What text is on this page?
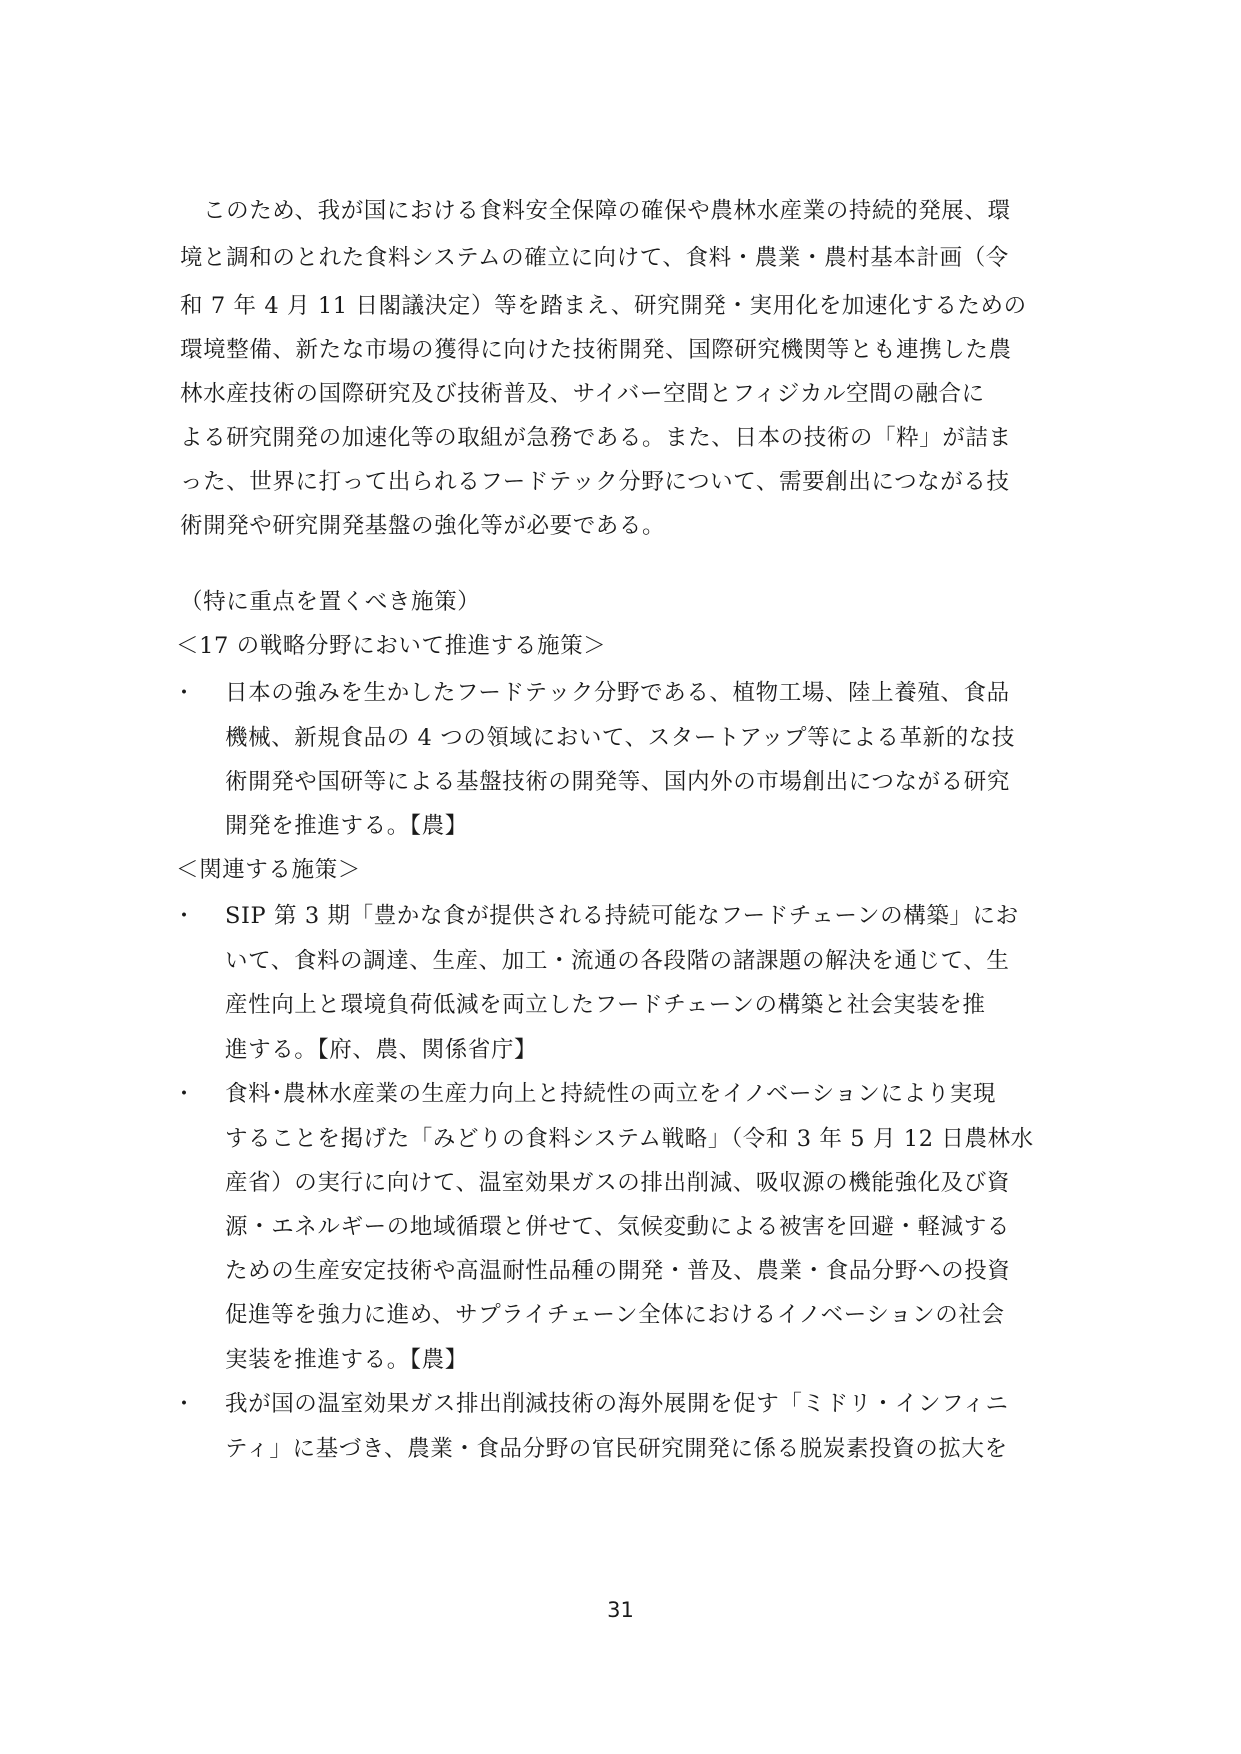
このため、我が国における食料安全保障の確保や農林水産業の持続的発展、環
境と調和のとれた食料システムの確立に向けて、食料・農業・農村基本計画（令
和 7 年 4 月 11 日閣議決定）等を踏まえ、研究開発・実用化を加速化するための
環境整備、新たな市場の獲得に向けた技術開発、国際研究機関等とも連携した農
林水産技術の国際研究及び技術普及、サイバー空間とフィジカル空間の融合に
よる研究開発の加速化等の取組が急務である。また、日本の技術の「粋」が詰ま
った、世界に打って出られるフードテック分野について、需要創出につながる技
術開発や研究開発基盤の強化等が必要である。
（特に重点を置くべき施策）
＜17 の戦略分野において推進する施策＞
・ 日本の強みを生かしたフードテック分野である、植物工場、陸上養殖、食品
機械、新規食品の 4 つの領域において、スタートアップ等による革新的な技
術開発や国研等による基盤技術の開発等、国内外の市場創出につながる研究
開発を推進する。【農】
＜関連する施策＞
・ SIP 第 3 期「豊かな食が提供される持続可能なフードチェーンの構築」にお
いて、食料の調達、生産、加工・流通の各段階の諸課題の解決を通じて、生
産性向上と環境負荷低減を両立したフードチェーンの構築と社会実装を推
進する。【府、農、関係省庁】
・ 食料･農林水産業の生産力向上と持続性の両立をイノベーションにより実現
することを掲げた「みどりの食料システム戦略」（令和 3 年 5 月 12 日農林水
産省）の実行に向けて、温室効果ガスの排出削減、吸収源の機能強化及び資
源・エネルギーの地域循環と併せて、気候変動による被害を回避・軽減する
ための生産安定技術や高温耐性品種の開発・普及、農業・食品分野への投資
促進等を強力に進め、サプライチェーン全体におけるイノベーションの社会
実装を推進する。【農】
・ 我が国の温室効果ガス排出削減技術の海外展開を促す「ミドリ・インフィニ
ティ」に基づき、農業・食品分野の官民研究開発に係る脱炭素投資の拡大を
31
